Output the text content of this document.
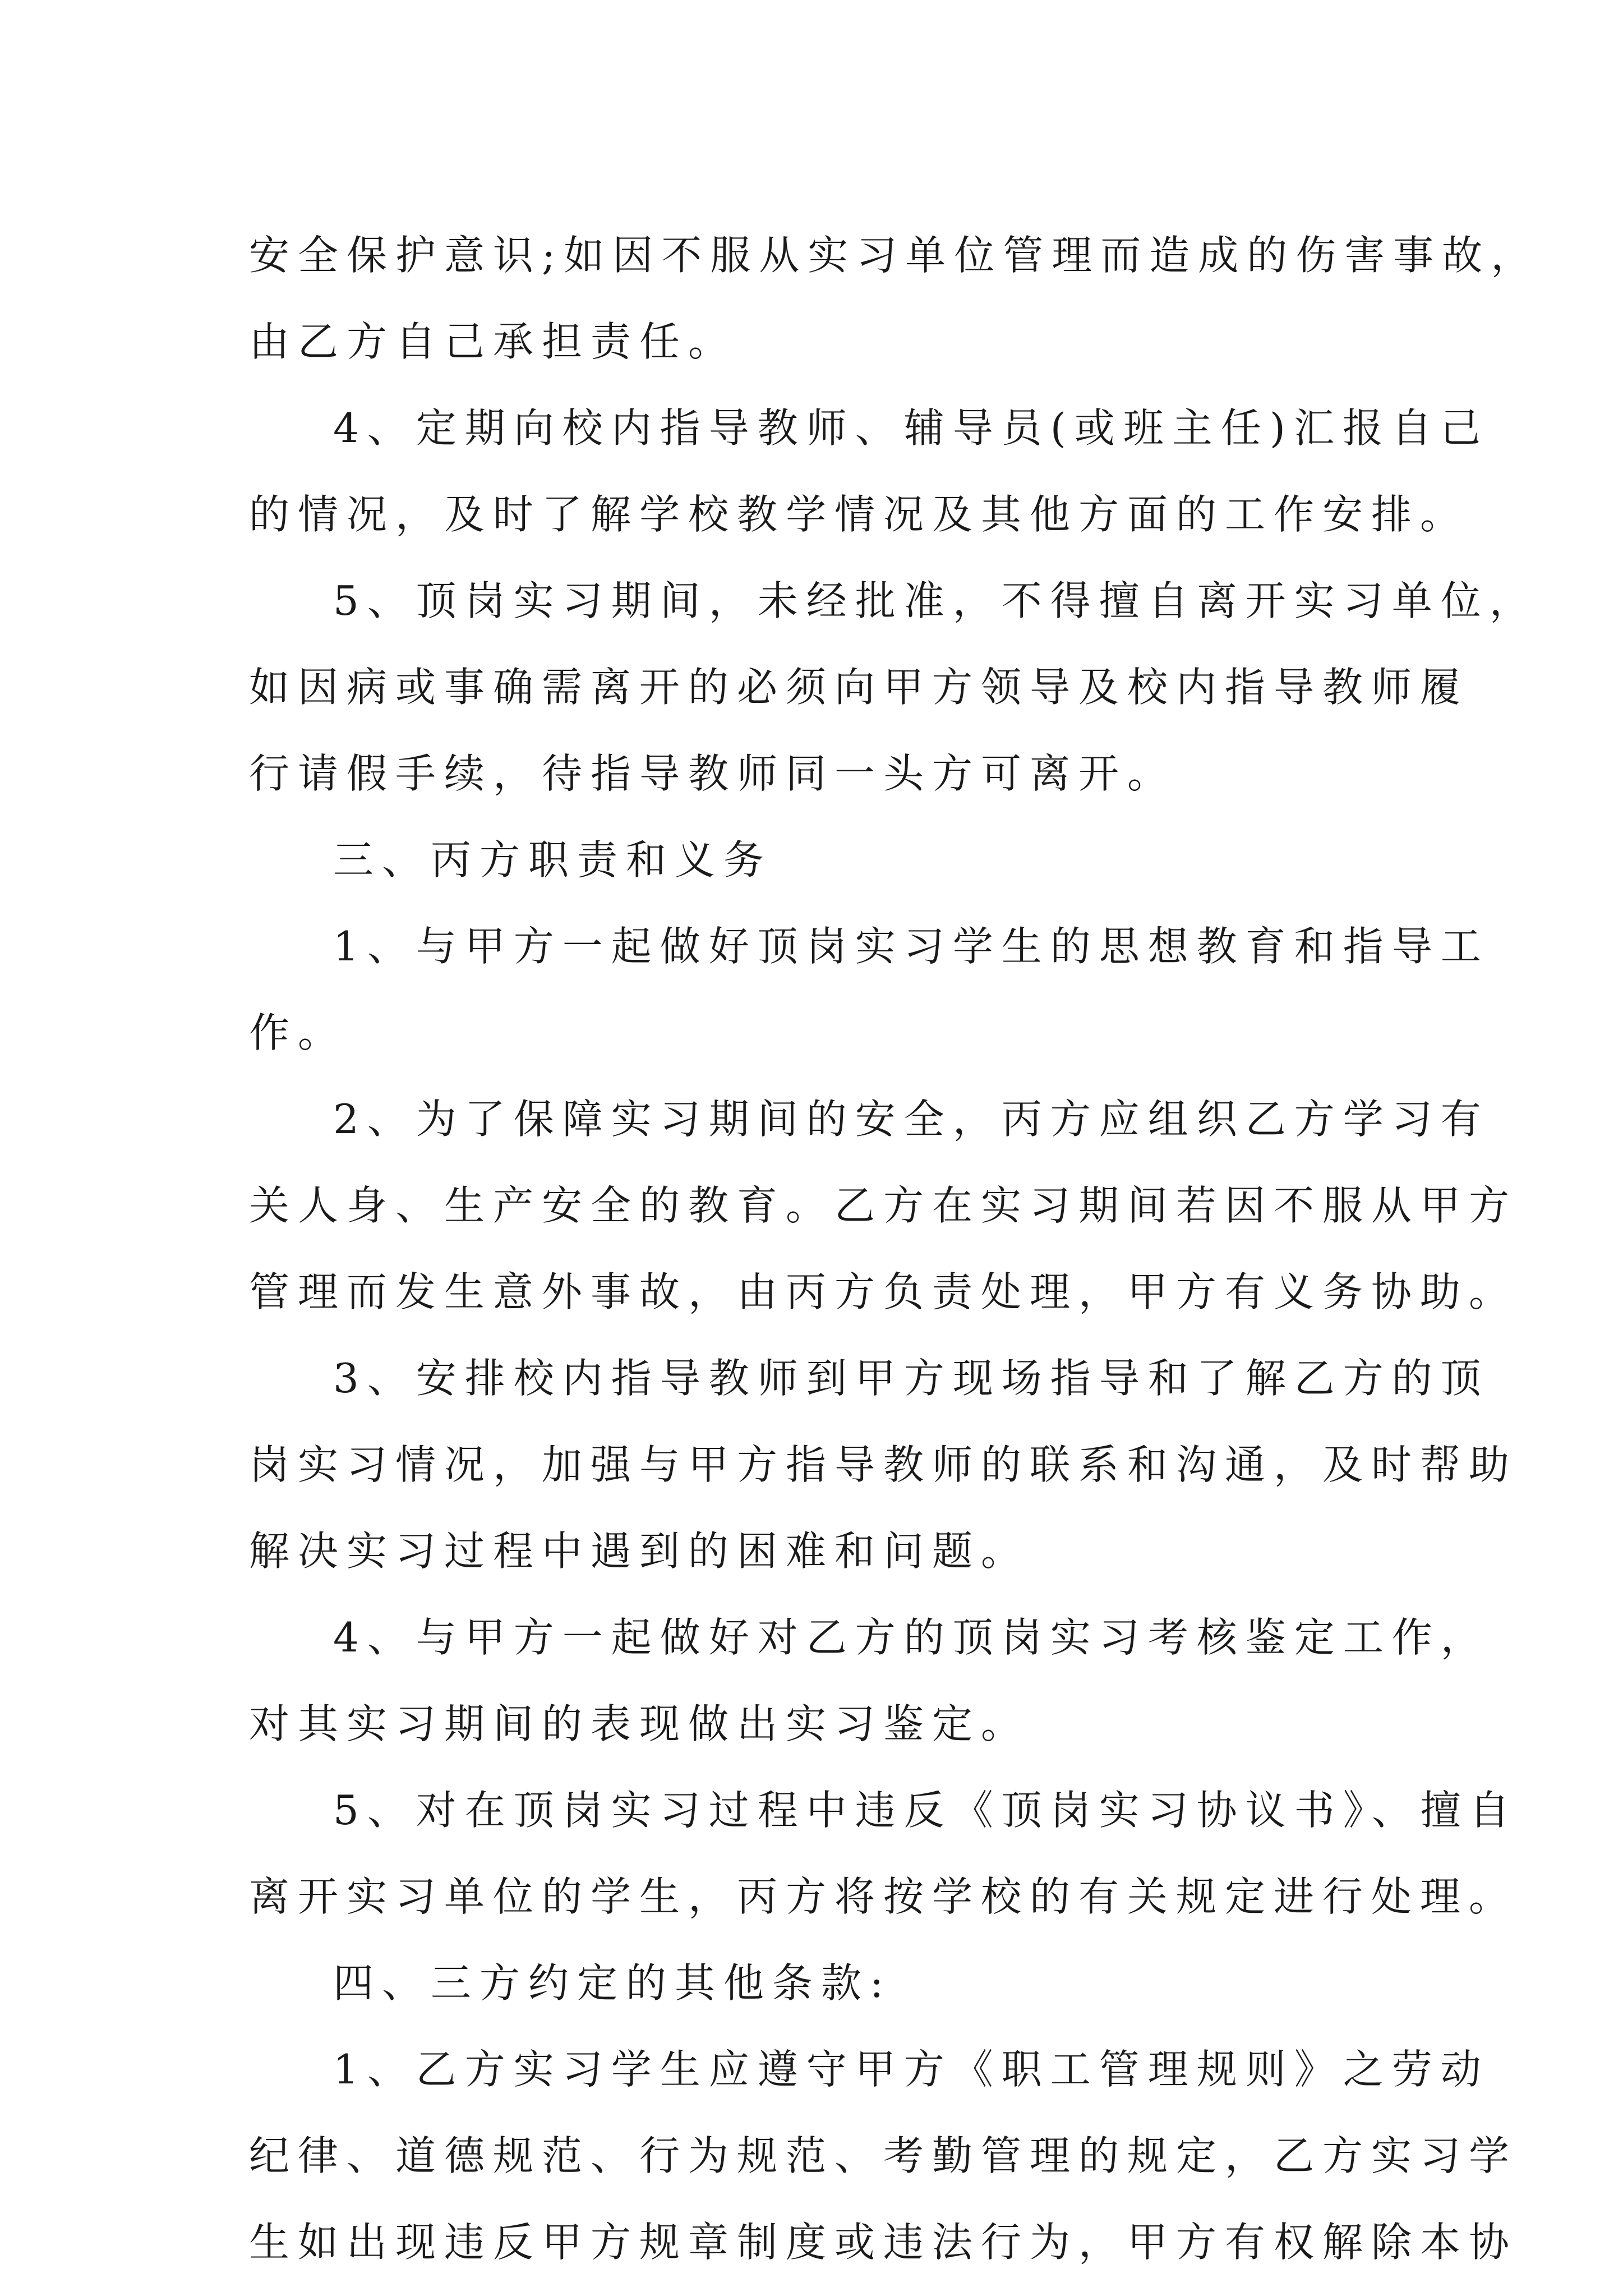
安全保护意识;如因不服从实习单位管理而造成的伤害事故，
由乙方自己承担责任。
4、定期向校内指导教师、辅导员(或班主任)汇报自己
的情况，及时了解学校教学情况及其他方面的工作安排。
5、顶岗实习期间，未经批准，不得擅自离开实习单位，
如因病或事确需离开的必须向甲方领导及校内指导教师履
行请假手续，待指导教师同一头方可离开。
三、丙方职责和义务
1、与甲方一起做好顶岗实习学生的思想教育和指导工
作。
2、为了保障实习期间的安全，丙方应组织乙方学习有
关人身、生产安全的教育。乙方在实习期间若因不服从甲方
管理而发生意外事故，由丙方负责处理，甲方有义务协助。
3、安排校内指导教师到甲方现场指导和了解乙方的顶
岗实习情况，加强与甲方指导教师的联系和沟通，及时帮助
解决实习过程中遇到的困难和问题。
4、与甲方一起做好对乙方的顶岗实习考核鉴定工作，
对其实习期间的表现做出实习鉴定。
5、对在顶岗实习过程中违反《顶岗实习协议书》、擅自
离开实习单位的学生，丙方将按学校的有关规定进行处理。
四、三方约定的其他条款:
1、乙方实习学生应遵守甲方《职工管理规则》之劳动
纪律、道德规范、行为规范、考勤管理的规定，乙方实习学
生如出现违反甲方规章制度或违法行为，甲方有权解除本协
